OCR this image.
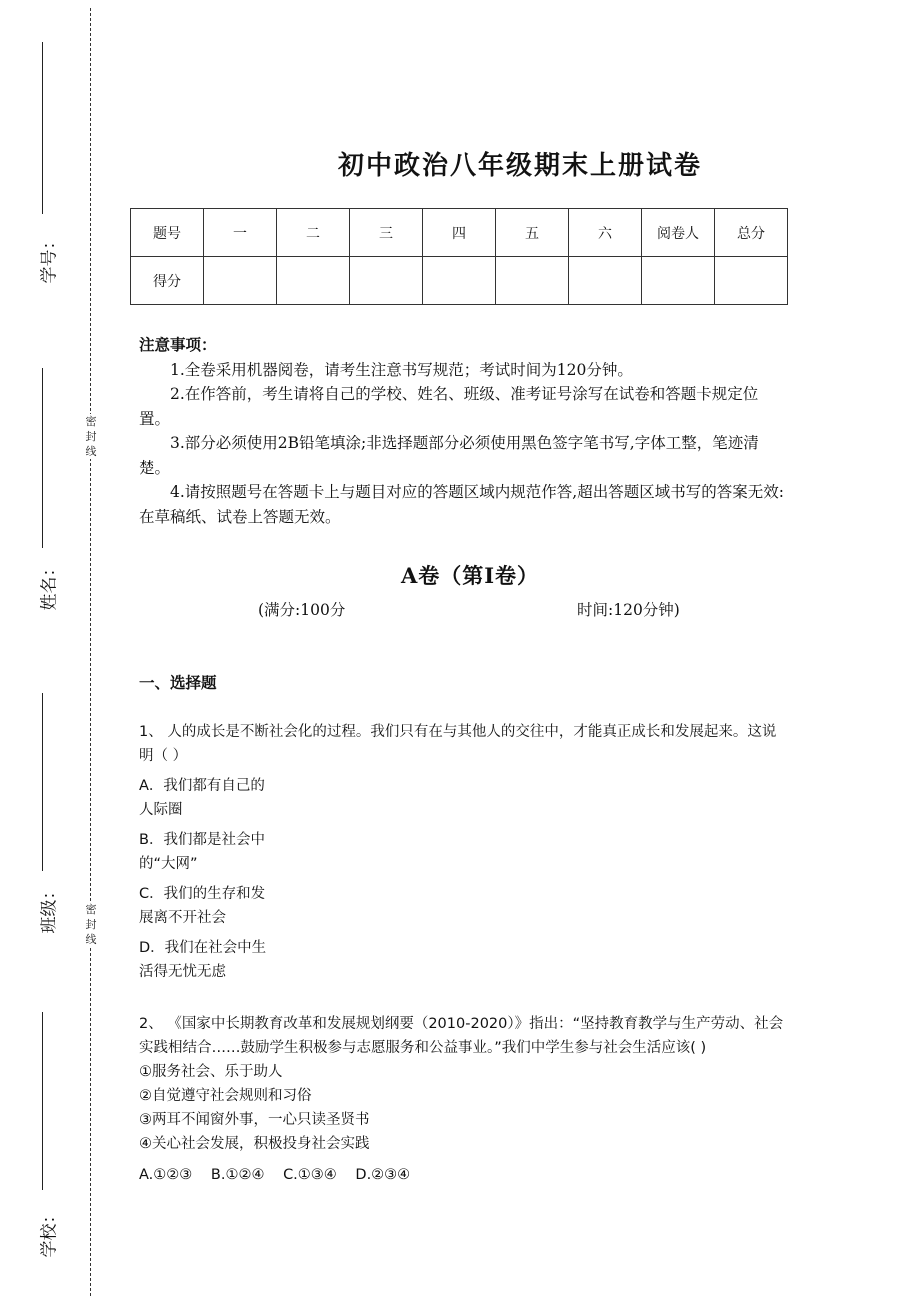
学号：
姓名：
班级：
学校：
密
封
线
密
封
线
初中政治八年级期末上册试卷
题号	一	二	三	四	五	六	阅卷人	总分
得分								
注意事项：
1.全卷采用机器阅卷，请考生注意书写规范；考试时间为120分钟。
2.在作答前，考生请将自己的学校、姓名、班级、准考证号涂写在试卷和答题卡规定位置。
3.部分必须使用2B铅笔填涂;非选择题部分必须使用黑色签字笔书写,字体工整，笔迹清楚。
4.请按照题号在答题卡上与题目对应的答题区域内规范作答,超出答题区域书写的答案无效:在草稿纸、试卷上答题无效。
A卷（第I卷）
(满分:100分	时间:120分钟)
一、选择题
1、 人的成长是不断社会化的过程。我们只有在与其他人的交往中，才能真正成长和发展起来。这说明（ ）
A．我们都有自己的人际圈
B．我们都是社会中的“大网”
C．我们的生存和发展离不开社会
D．我们在社会中生活得无忧无虑
2、 《国家中长期教育改革和发展规划纲要（2010-2020）》指出：“坚持教育教学与生产劳动、社会实践相结合……鼓励学生积极参与志愿服务和公益事业。”我们中学生参与社会生活应该( )
①服务社会、乐于助人
②自觉遵守社会规则和习俗
③两耳不闻窗外事，一心只读圣贤书
④关心社会发展，积极投身社会实践
A.①②③ B.①②④ C.①③④ D.②③④
